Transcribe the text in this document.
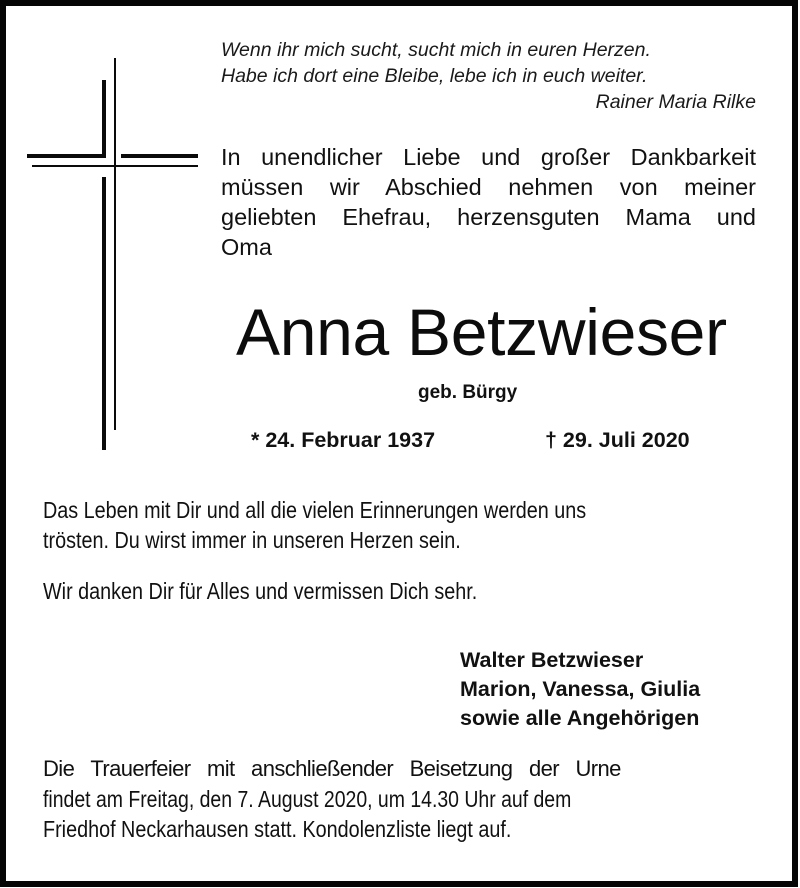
Wenn ihr mich sucht, sucht mich in euren Herzen.
Habe ich dort eine Bleibe, lebe ich in euch weiter.
Rainer Maria Rilke
In unendlicher Liebe und großer Dankbarkeit
müssen wir Abschied nehmen von meiner
geliebten Ehefrau, herzensguten Mama und
Oma
Anna Betzwieser
geb. Bürgy
* 24. Februar 1937	† 29. Juli 2020
Das Leben mit Dir und all die vielen Erinnerungen werden uns
trösten. Du wirst immer in unseren Herzen sein.
Wir danken Dir für Alles und vermissen Dich sehr.
Walter Betzwieser
Marion, Vanessa, Giulia
sowie alle Angehörigen
Die Trauerfeier mit anschließender Beisetzung der Urne
findet am Freitag, den 7. August 2020, um 14.30 Uhr auf dem
Friedhof Neckarhausen statt. Kondolenzliste liegt auf.
